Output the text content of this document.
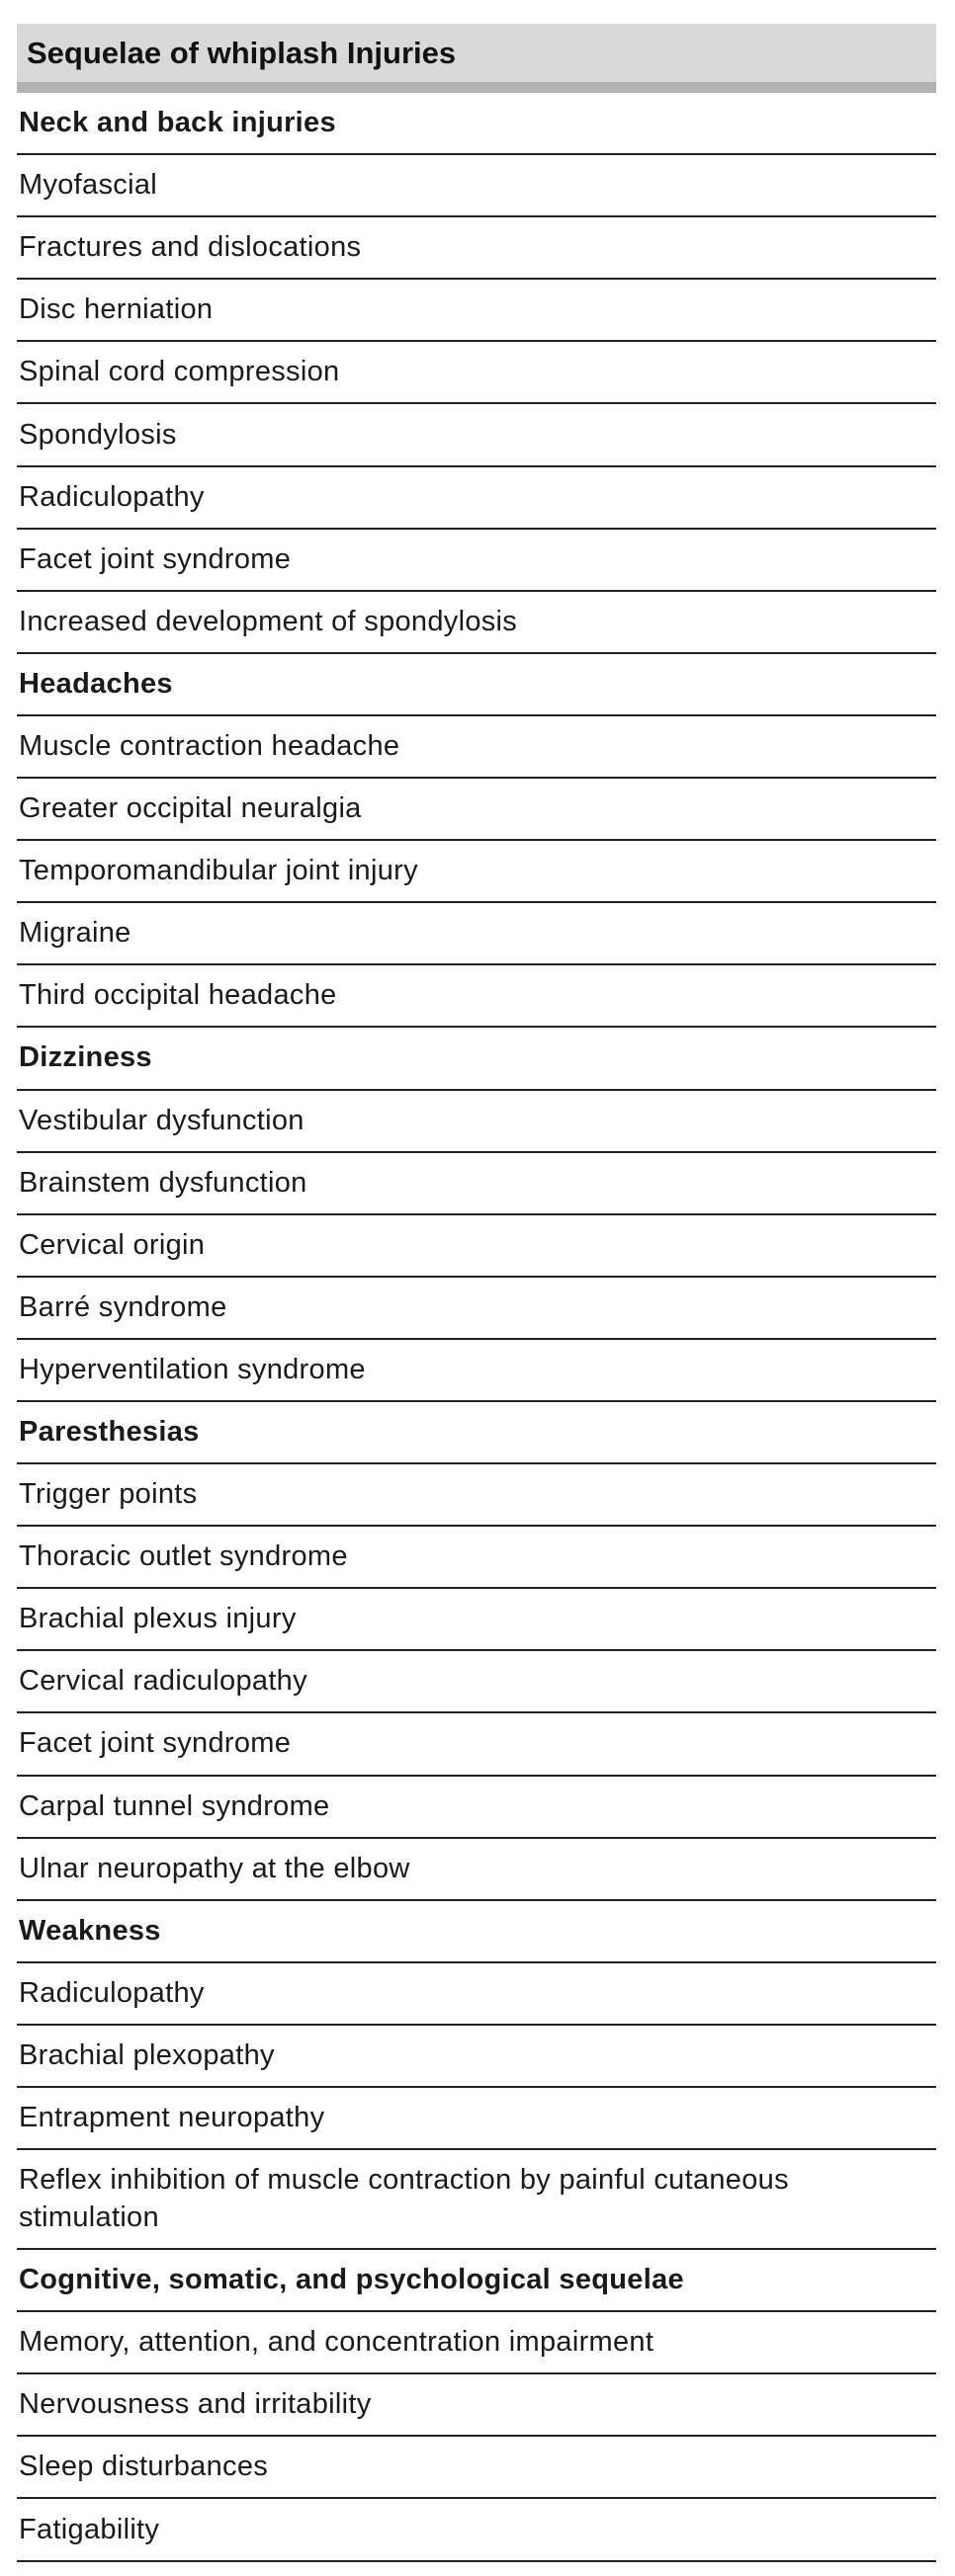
Sequelae of whiplash Injuries
Neck and back injuries
Myofascial
Fractures and dislocations
Disc herniation
Spinal cord compression
Spondylosis
Radiculopathy
Facet joint syndrome
Increased development of spondylosis
Headaches
Muscle contraction headache
Greater occipital neuralgia
Temporomandibular joint injury
Migraine
Third occipital headache
Dizziness
Vestibular dysfunction
Brainstem dysfunction
Cervical origin
Barré syndrome
Hyperventilation syndrome
Paresthesias
Trigger points
Thoracic outlet syndrome
Brachial plexus injury
Cervical radiculopathy
Facet joint syndrome
Carpal tunnel syndrome
Ulnar neuropathy at the elbow
Weakness
Radiculopathy
Brachial plexopathy
Entrapment neuropathy
Reflex inhibition of muscle contraction by painful cutaneous stimulation
Cognitive, somatic, and psychological sequelae
Memory, attention, and concentration impairment
Nervousness and irritability
Sleep disturbances
Fatigability
